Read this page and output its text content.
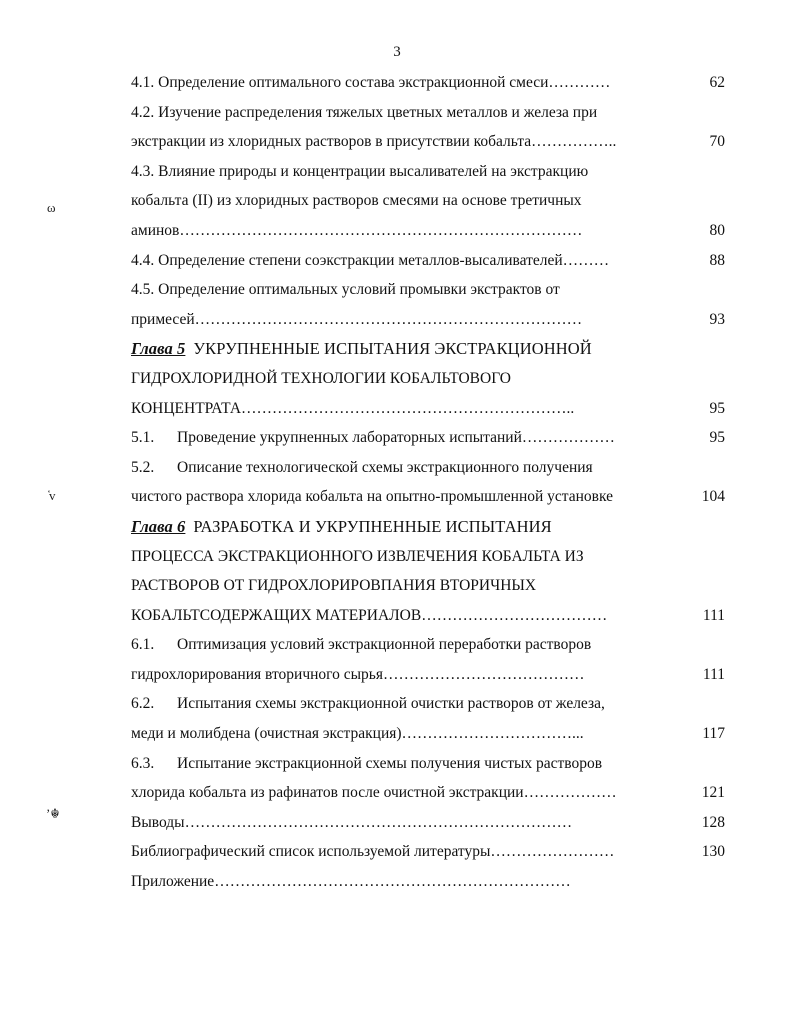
3
ω
҅v
’☬
4.1. Определение оптимального состава экстракционной смеси…………	62
4.2. Изучение распределения тяжелых цветных металлов и железа при
экстракции из хлоридных растворов в присутствии кобальта……………..	70
4.3. Влияние природы и концентрации высаливателей на экстракцию
кобальта (II) из хлоридных растворов смесями на основе третичных
аминов……………………………………………………………………	80
4.4. Определение степени соэкстракции металлов-высаливателей………	88
4.5. Определение оптимальных условий промывки экстрактов от
примесей…………………………………………………………………	93
Глава 5 УКРУПНЕННЫЕ ИСПЫТАНИЯ ЭКСТРАКЦИОННОЙ
ГИДРОХЛОРИДНОЙ ТЕХНОЛОГИИ КОБАЛЬТОВОГО
КОНЦЕНТРАТА………………………………………………………..	95
5.1. Проведение укрупненных лабораторных испытаний………………	95
5.2. Описание технологической схемы экстракционного получения
чистого раствора хлорида кобальта на опытно-промышленной установке	104
Глава 6 РАЗРАБОТКА И УКРУПНЕННЫЕ ИСПЫТАНИЯ
ПРОЦЕССА ЭКСТРАКЦИОННОГО ИЗВЛЕЧЕНИЯ КОБАЛЬТА ИЗ
РАСТВОРОВ ОТ ГИДРОХЛОРИРОВПАНИЯ ВТОРИЧНЫХ
КОБАЛЬТСОДЕРЖАЩИХ МАТЕРИАЛОВ………………………………	111
6.1. Оптимизация условий экстракционной переработки растворов
гидрохлорирования вторичного сырья…………………………………	111
6.2. Испытания схемы экстракционной очистки растворов от железа,
меди и молибдена (очистная экстракция)……………………………...	117
6.3. Испытание экстракционной схемы получения чистых растворов
хлорида кобальта из рафинатов после очистной экстракции………………	121
Выводы…………………………………………………………………	128
Библиографический список используемой литературы……………………	130
Приложение……………………………………………………………
